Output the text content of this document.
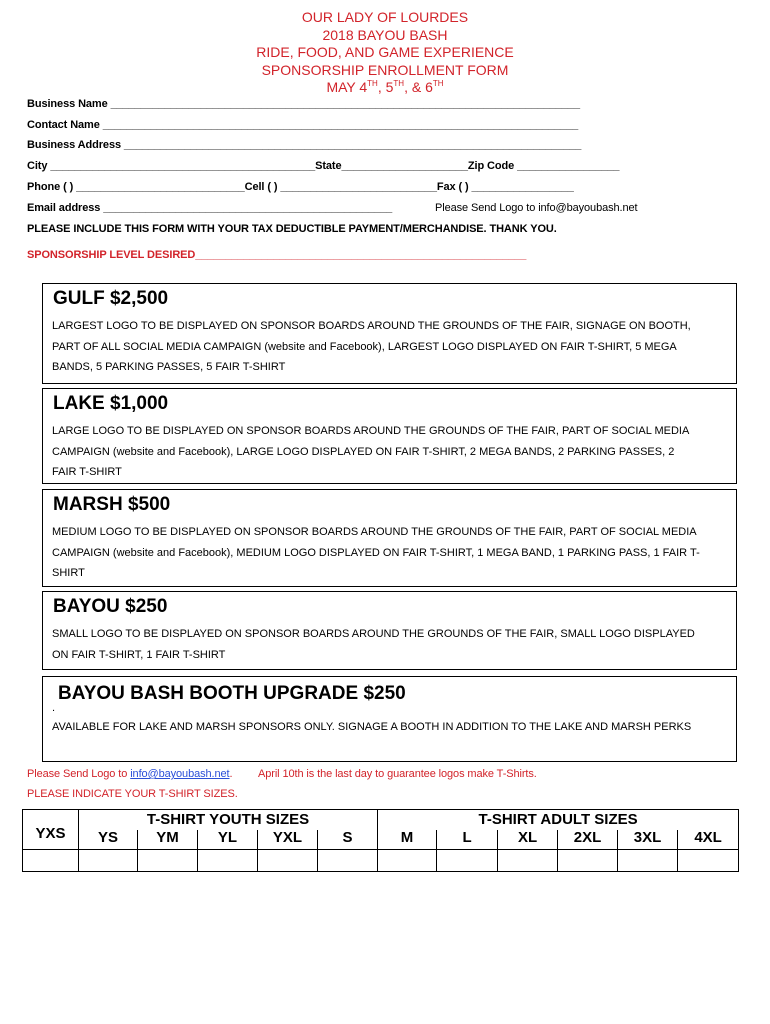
OUR LADY OF LOURDES
2018 BAYOU BASH
RIDE, FOOD, AND GAME EXPERIENCE
SPONSORSHIP ENROLLMENT FORM
MAY 4TH, 5TH, & 6TH
Business Name ______________________________________________________________________________
Contact Name _______________________________________________________________________________
Business Address ____________________________________________________________________________
City ____________________________________________State_____________________Zip Code _________________
Phone ( ) ____________________________Cell ( ) __________________________Fax ( ) _________________
Email address ________________________________________________	Please Send Logo to info@bayoubash.net
PLEASE INCLUDE THIS FORM WITH YOUR TAX DEDUCTIBLE PAYMENT/MERCHANDISE. THANK YOU.
SPONSORSHIP LEVEL DESIRED_______________________________________________________
GULF $2,500

LARGEST LOGO TO BE DISPLAYED ON SPONSOR BOARDS AROUND THE GROUNDS OF THE FAIR, SIGNAGE ON BOOTH,

PART OF ALL SOCIAL MEDIA CAMPAIGN (website and Facebook), LARGEST LOGO DISPLAYED ON FAIR T-SHIRT, 5 MEGA

BANDS, 5 PARKING PASSES, 5 FAIR T-SHIRT

LAKE $1,000

LARGE LOGO TO BE DISPLAYED ON SPONSOR BOARDS AROUND THE GROUNDS OF THE FAIR, PART OF SOCIAL MEDIA

CAMPAIGN (website and Facebook), LARGE LOGO DISPLAYED ON FAIR T-SHIRT, 2 MEGA BANDS, 2 PARKING PASSES, 2

FAIR T-SHIRT

MARSH $500

MEDIUM LOGO TO BE DISPLAYED ON SPONSOR BOARDS AROUND THE GROUNDS OF THE FAIR, PART OF SOCIAL MEDIA

CAMPAIGN (website and Facebook), MEDIUM LOGO DISPLAYED ON FAIR T-SHIRT, 1 MEGA BAND, 1 PARKING PASS, 1 FAIR T-

SHIRT

BAYOU $250

SMALL LOGO TO BE DISPLAYED ON SPONSOR BOARDS AROUND THE GROUNDS OF THE FAIR, SMALL LOGO DISPLAYED

ON FAIR T-SHIRT, 1 FAIR T-SHIRT

BAYOU BASH BOOTH UPGRADE $250

.

AVAILABLE FOR LAKE AND MARSH SPONSORS ONLY. SIGNAGE A BOOTH IN ADDITION TO THE LAKE AND MARSH PERKS

Please Send Logo to info@bayoubash.net. April 10th is the last day to guarantee logos make T-Shirts.
PLEASE INDICATE YOUR T-SHIRT SIZES.
YXS	T-SHIRT YOUTH SIZES					T-SHIRT ADULT SIZES					
	YS	YM	YL	YXL	S	M	L	XL	2XL	3XL	4XL
